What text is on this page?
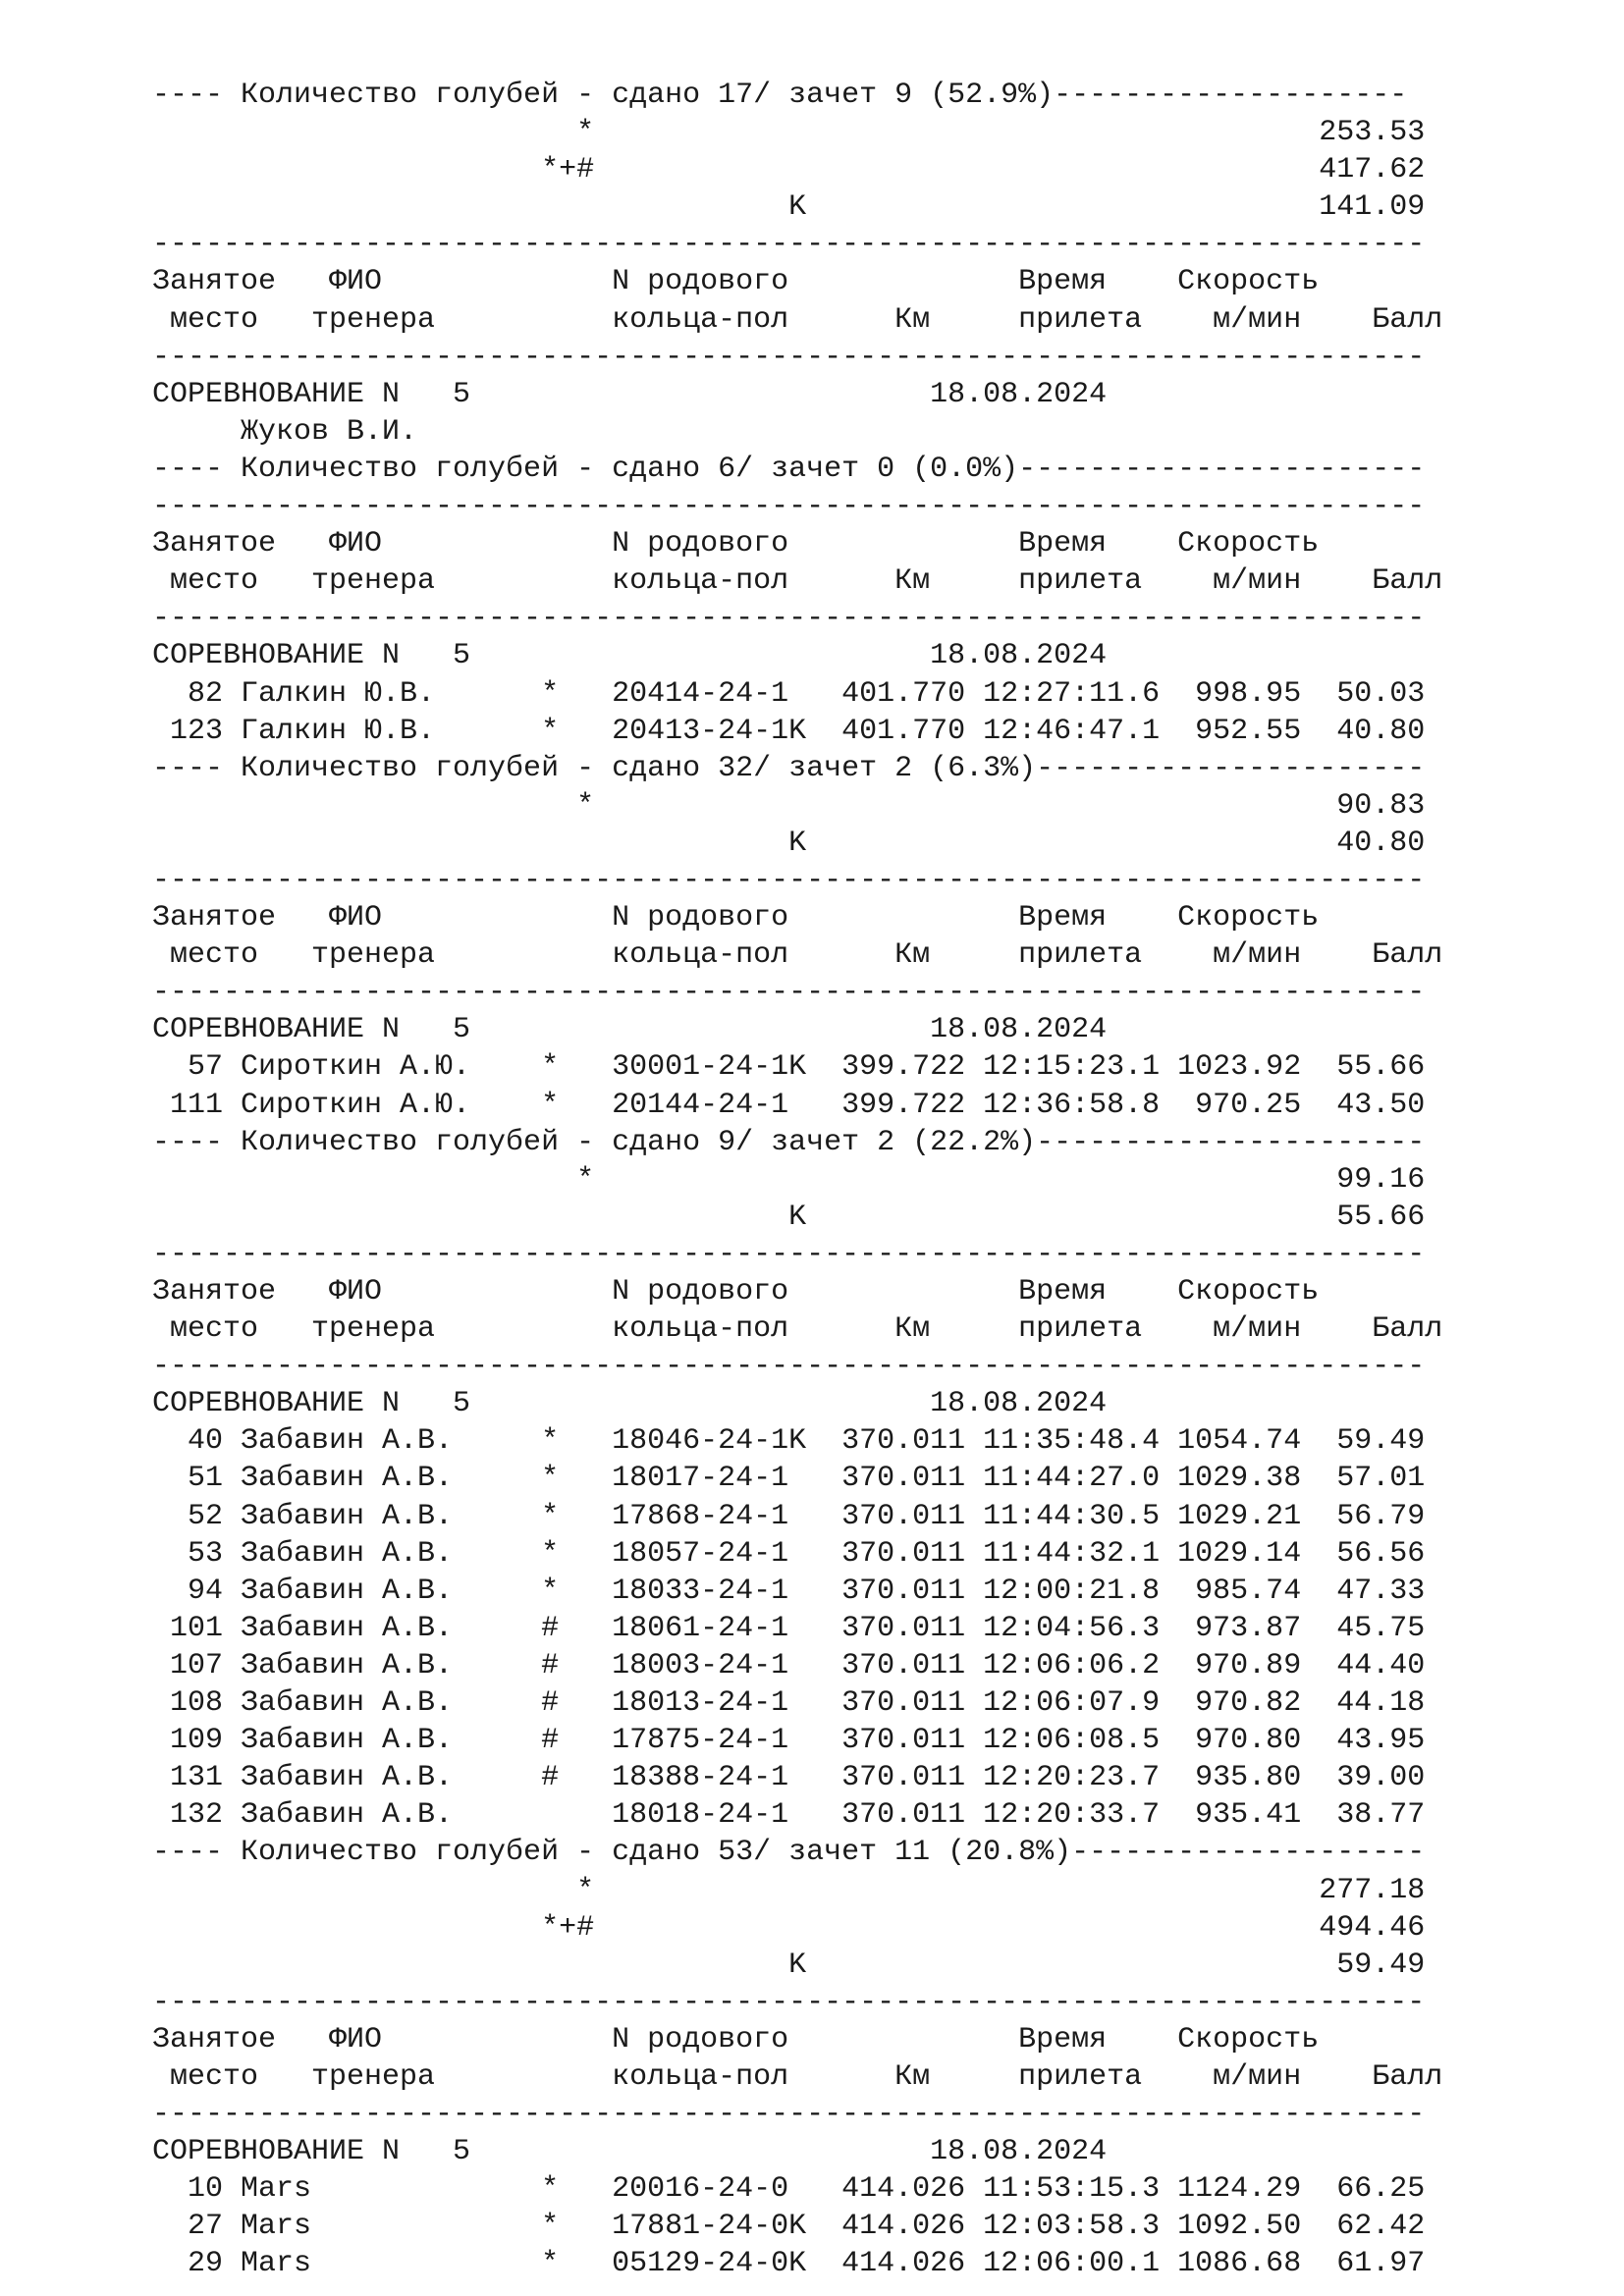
---- Количество голубей - сдано 17/ зачет 9 (52.9%)--------------------
*                                         253.53
*+#                                         417.62
K                             141.09
------------------------------------------------------------------------
Занятое   ФИО             N родового             Время    Скорость
место   тренера          кольца-пол      Км     прилета    м/мин    Балл
------------------------------------------------------------------------
СОРЕВНОВАНИЕ N   5                          18.08.2024
Жуков В.И.
---- Количество голубей - сдано 6/ зачет 0 (0.0%)-----------------------
------------------------------------------------------------------------
Занятое   ФИО             N родового             Время    Скорость
место   тренера          кольца-пол      Км     прилета    м/мин    Балл
------------------------------------------------------------------------
СОРЕВНОВАНИЕ N   5                          18.08.2024
82 Галкин Ю.В.      *   20414-24-1   401.770 12:27:11.6  998.95  50.03
123 Галкин Ю.В.      *   20413-24-1K  401.770 12:46:47.1  952.55  40.80
---- Количество голубей - сдано 32/ зачет 2 (6.3%)----------------------
*                                          90.83
K                              40.80
------------------------------------------------------------------------
Занятое   ФИО             N родового             Время    Скорость
место   тренера          кольца-пол      Км     прилета    м/мин    Балл
------------------------------------------------------------------------
СОРЕВНОВАНИЕ N   5                          18.08.2024
57 Сироткин А.Ю.    *   30001-24-1K  399.722 12:15:23.1 1023.92  55.66
111 Сироткин А.Ю.    *   20144-24-1   399.722 12:36:58.8  970.25  43.50
---- Количество голубей - сдано 9/ зачет 2 (22.2%)----------------------
*                                          99.16
K                              55.66
------------------------------------------------------------------------
Занятое   ФИО             N родового             Время    Скорость
место   тренера          кольца-пол      Км     прилета    м/мин    Балл
------------------------------------------------------------------------
СОРЕВНОВАНИЕ N   5                          18.08.2024
40 Забавин А.В.     *   18046-24-1K  370.011 11:35:48.4 1054.74  59.49
51 Забавин А.В.     *   18017-24-1   370.011 11:44:27.0 1029.38  57.01
52 Забавин А.В.     *   17868-24-1   370.011 11:44:30.5 1029.21  56.79
53 Забавин А.В.     *   18057-24-1   370.011 11:44:32.1 1029.14  56.56
94 Забавин А.В.     *   18033-24-1   370.011 12:00:21.8  985.74  47.33
101 Забавин А.В.     #   18061-24-1   370.011 12:04:56.3  973.87  45.75
107 Забавин А.В.     #   18003-24-1   370.011 12:06:06.2  970.89  44.40
108 Забавин А.В.     #   18013-24-1   370.011 12:06:07.9  970.82  44.18
109 Забавин А.В.     #   17875-24-1   370.011 12:06:08.5  970.80  43.95
131 Забавин А.В.     #   18388-24-1   370.011 12:20:23.7  935.80  39.00
132 Забавин А.В.         18018-24-1   370.011 12:20:33.7  935.41  38.77
---- Количество голубей - сдано 53/ зачет 11 (20.8%)--------------------
*                                         277.18
*+#                                         494.46
K                              59.49
------------------------------------------------------------------------
Занятое   ФИО             N родового             Время    Скорость
место   тренера          кольца-пол      Км     прилета    м/мин    Балл
------------------------------------------------------------------------
СОРЕВНОВАНИЕ N   5                          18.08.2024
10 Mars             *   20016-24-0   414.026 11:53:15.3 1124.29  66.25
27 Mars             *   17881-24-0K  414.026 12:03:58.3 1092.50  62.42
29 Mars             *   05129-24-0K  414.026 12:06:00.1 1086.68  61.97
